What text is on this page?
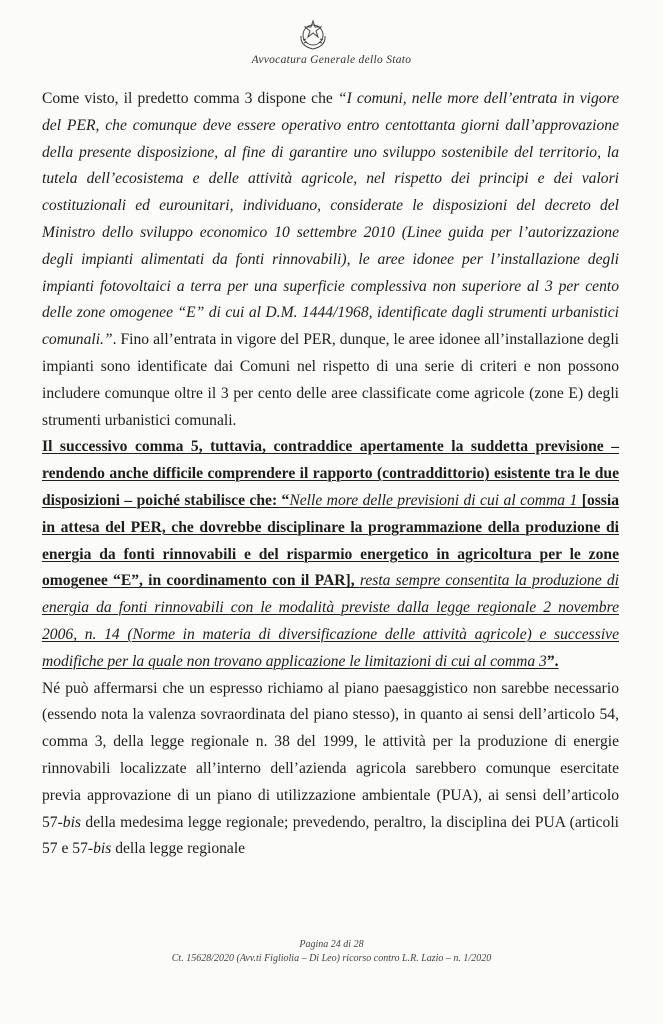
Avvocatura Generale dello Stato

Come visto, il predetto comma 3 dispone che “I comuni, nelle more dell’entrata in vigore del PER, che comunque deve essere operativo entro centottanta giorni dall’approvazione della presente disposizione, al fine di garantire uno sviluppo sostenibile del territorio, la tutela dell’ecosistema e delle attività agricole, nel rispetto dei principi e dei valori costituzionali ed eurounitari, individuano, considerate le disposizioni del decreto del Ministro dello sviluppo economico 10 settembre 2010 (Linee guida per l’autorizzazione degli impianti alimentati da fonti rinnovabili), le aree idonee per l’installazione degli impianti fotovoltaici a terra per una superficie complessiva non superiore al 3 per cento delle zone omogenee “E” di cui al D.M. 1444/1968, identificate dagli strumenti urbanistici comunali.”. Fino all’entrata in vigore del PER, dunque, le aree idonee all’installazione degli impianti sono identificate dai Comuni nel rispetto di una serie di criteri e non possono includere comunque oltre il 3 per cento delle aree classificate come agricole (zone E) degli strumenti urbanistici comunali.

Il successivo comma 5, tuttavia, contraddice apertamente la suddetta previsione – rendendo anche difficile comprendere il rapporto (contraddittorio) esistente tra le due disposizioni – poiché stabilisce che: “Nelle more delle previsioni di cui al comma 1 [ossia in attesa del PER, che dovrebbe disciplinare la programmazione della produzione di energia da fonti rinnovabili e del risparmio energetico in agricoltura per le zone omogenee “E”, in coordinamento con il PAR], resta sempre consentita la produzione di energia da fonti rinnovabili con le modalità previste dalla legge regionale 2 novembre 2006, n. 14 (Norme in materia di diversificazione delle attività agricole) e successive modifiche per la quale non trovano applicazione le limitazioni di cui al comma 3”.

Né può affermarsi che un espresso richiamo al piano paesaggistico non sarebbe necessario (essendo nota la valenza sovraordinata del piano stesso), in quanto ai sensi dell’articolo 54, comma 3, della legge regionale n. 38 del 1999, le attività per la produzione di energie rinnovabili localizzate all’interno dell’azienda agricola sarebbero comunque esercitate previa approvazione di un piano di utilizzazione ambientale (PUA), ai sensi dell’articolo 57-bis della medesima legge regionale; prevedendo, peraltro, la disciplina dei PUA (articoli 57 e 57-bis della legge regionale

Pagina 24 di 28
Ct. 15628/2020 (Avv.ti Figliolia – Di Leo) ricorso contro L.R. Lazio – n. 1/2020
